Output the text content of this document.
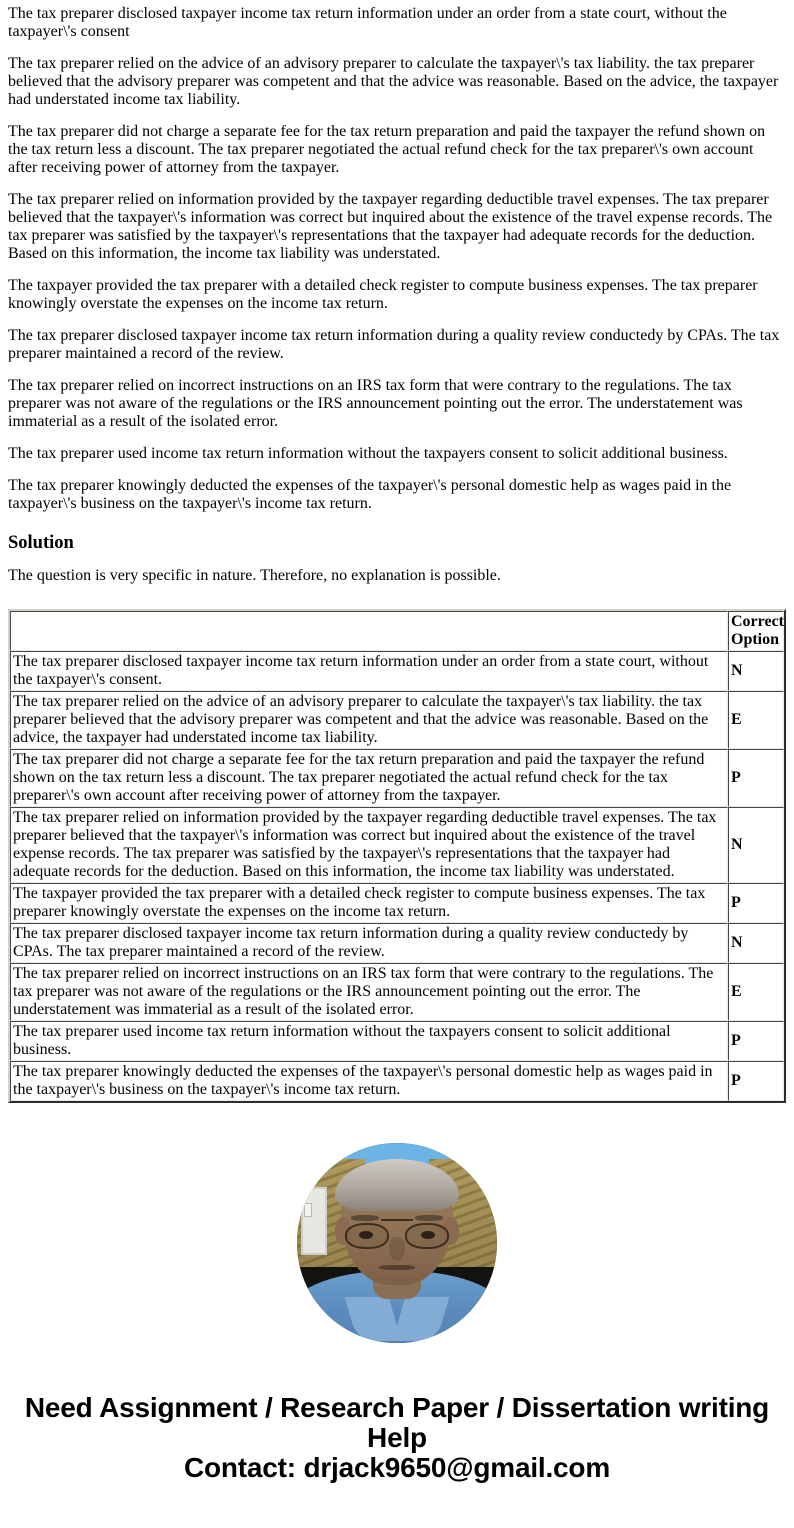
The tax preparer disclosed taxpayer income tax return information under an order from a state court, without the taxpayer\'s consent

The tax preparer relied on the advice of an advisory preparer to calculate the taxpayer\'s tax liability. the tax preparer believed that the advisory preparer was competent and that the advice was reasonable. Based on the advice, the taxpayer had understated income tax liability.

The tax preparer did not charge a separate fee for the tax return preparation and paid the taxpayer the refund shown on the tax return less a discount. The tax preparer negotiated the actual refund check for the tax preparer\'s own account after receiving power of attorney from the taxpayer.

The tax preparer relied on information provided by the taxpayer regarding deductible travel expenses. The tax preparer believed that the taxpayer\'s information was correct but inquired about the existence of the travel expense records. The tax preparer was satisfied by the taxpayer\'s representations that the taxpayer had adequate records for the deduction. Based on this information, the income tax liability was understated.

The taxpayer provided the tax preparer with a detailed check register to compute business expenses. The tax preparer knowingly overstate the expenses on the income tax return.

The tax preparer disclosed taxpayer income tax return information during a quality review conductedy by CPAs. The tax preparer maintained a record of the review.

The tax preparer relied on incorrect instructions on an IRS tax form that were contrary to the regulations. The tax preparer was not aware of the regulations or the IRS announcement pointing out the error. The understatement was immaterial as a result of the isolated error.

The tax preparer used income tax return information without the taxpayers consent to solicit additional business.

The tax preparer knowingly deducted the expenses of the taxpayer\'s personal domestic help as wages paid in the taxpayer\'s business on the taxpayer\'s income tax return.

Solution

The question is very specific in nature. Therefore, no explanation is possible.

	Correct Option
The tax preparer disclosed taxpayer income tax return information under an order from a state court, without the taxpayer\'s consent.	N
The tax preparer relied on the advice of an advisory preparer to calculate the taxpayer\'s tax liability. the tax preparer believed that the advisory preparer was competent and that the advice was reasonable. Based on the advice, the taxpayer had understated income tax liability.	E
The tax preparer did not charge a separate fee for the tax return preparation and paid the taxpayer the refund shown on the tax return less a discount. The tax preparer negotiated the actual refund check for the tax preparer\'s own account after receiving power of attorney from the taxpayer.	P
The tax preparer relied on information provided by the taxpayer regarding deductible travel expenses. The tax preparer believed that the taxpayer\'s information was correct but inquired about the existence of the travel expense records. The tax preparer was satisfied by the taxpayer\'s representations that the taxpayer had adequate records for the deduction. Based on this information, the income tax liability was understated.	N
The taxpayer provided the tax preparer with a detailed check register to compute business expenses. The tax preparer knowingly overstate the expenses on the income tax return.	P
The tax preparer disclosed taxpayer income tax return information during a quality review conductedy by CPAs. The tax preparer maintained a record of the review.	N
The tax preparer relied on incorrect instructions on an IRS tax form that were contrary to the regulations. The tax preparer was not aware of the regulations or the IRS announcement pointing out the error. The understatement was immaterial as a result of the isolated error.	E
The tax preparer used income tax return information without the taxpayers consent to solicit additional business.	P
The tax preparer knowingly deducted the expenses of the taxpayer\'s personal domestic help as wages paid in the taxpayer\'s business on the taxpayer\'s income tax return.	P
Need Assignment / Research Paper / Dissertation writing Help
Contact: drjack9650@gmail.com
